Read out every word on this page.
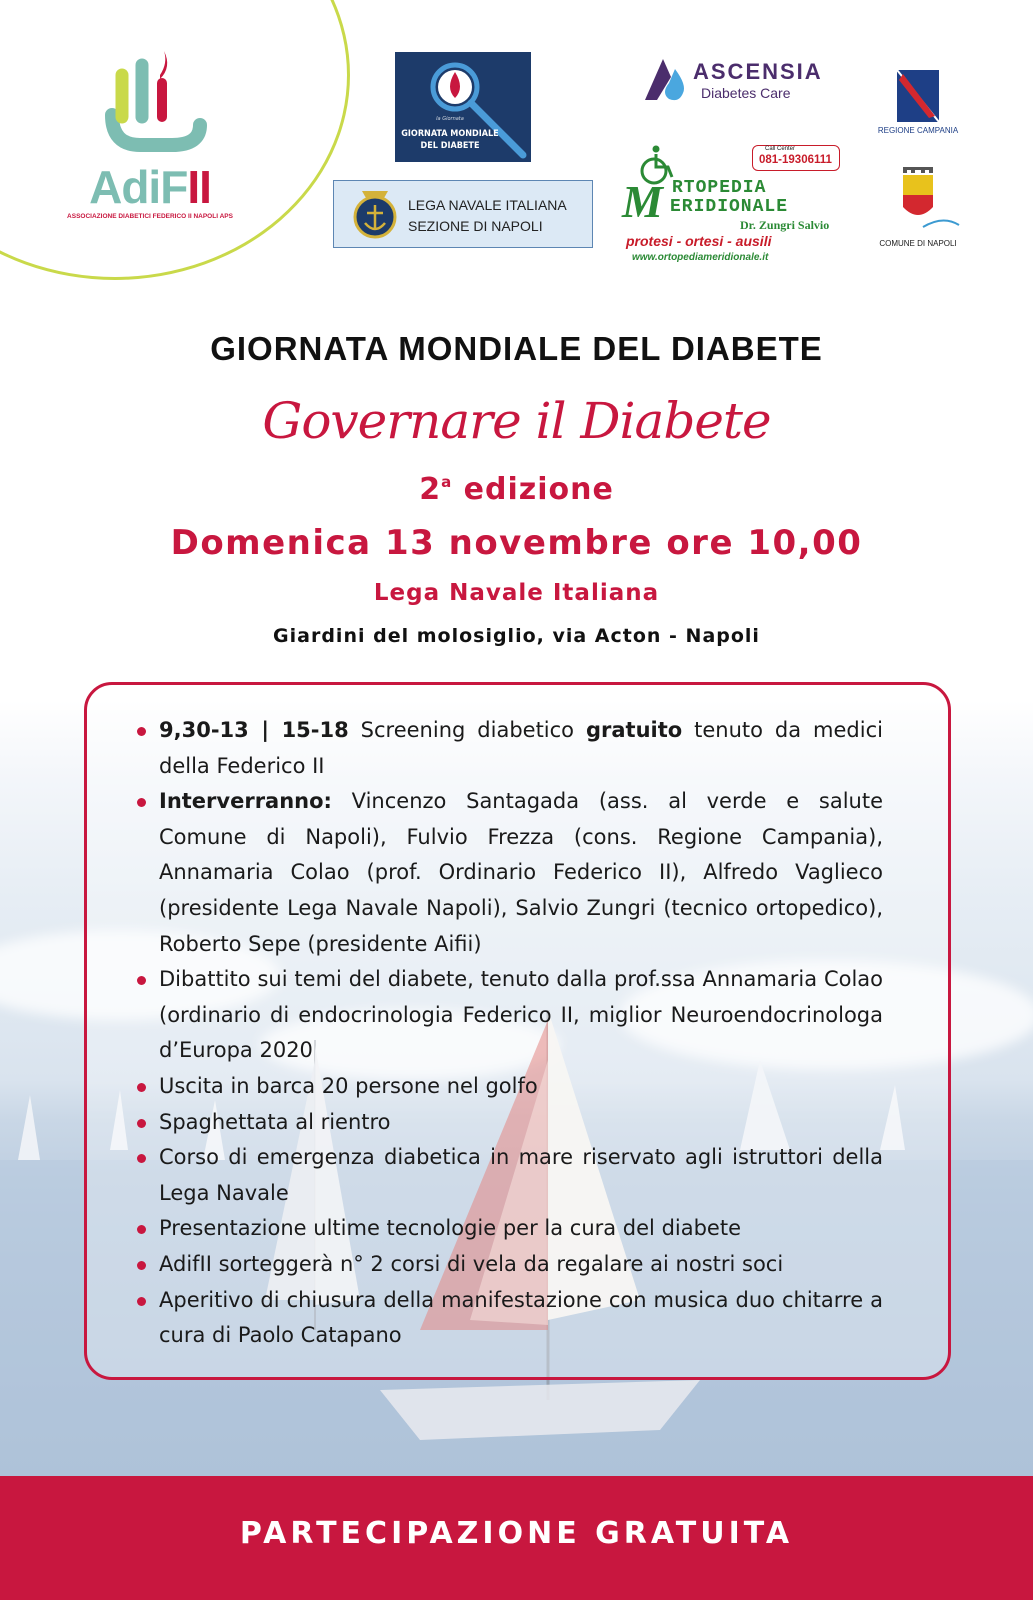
AdiFII
ASSOCIAZIONE DIABETICI FEDERICO II NAPOLI APS
la Giornata
GIORNATA MONDIALE
DEL DIABETE
LEGA NAVALE ITALIANA
SEZIONE DI NAPOLI
ASCENSIA
Diabetes Care
Call Center
081-19306111
M RTOPEDIA
ERIDIONALE
Dr. Zungri Salvio
protesi - ortesi - ausili
www.ortopediameridionale.it
REGIONE CAMPANIA
COMUNE DI NAPOLI
GIORNATA MONDIALE DEL DIABETE
Governare il Diabete
2$^a$ edizione
Domenica 13 novembre ore 10,00
Lega Navale Italiana
Giardini del molosiglio, via Acton - Napoli
9,30-13 | 15-18 Screening diabetico gratuito tenuto da medici della Federico II
Interverranno: Vincenzo Santagada (ass. al verde e salute Comune di Napoli), Fulvio Frezza (cons. Regione Campania), Annamaria Colao (prof. Ordinario Federico II), Alfredo Vaglieco (presidente Lega Navale Napoli), Salvio Zungri (tecnico ortopedico), Roberto Sepe (presidente Aifii)
Dibattito sui temi del diabete, tenuto dalla prof.ssa Annamaria Colao (ordinario di endocrinologia Federico II, miglior Neuroendocrinologa d’Europa 2020
Uscita in barca 20 persone nel golfo
Spaghettata al rientro
Corso di emergenza diabetica in mare riservato agli istruttori della Lega Navale
Presentazione ultime tecnologie per la cura del diabete
AdifII sorteggerà n° 2 corsi di vela da regalare ai nostri soci
Aperitivo di chiusura della manifestazione con musica duo chitarre a cura di Paolo Catapano
PARTECIPAZIONE GRATUITA
